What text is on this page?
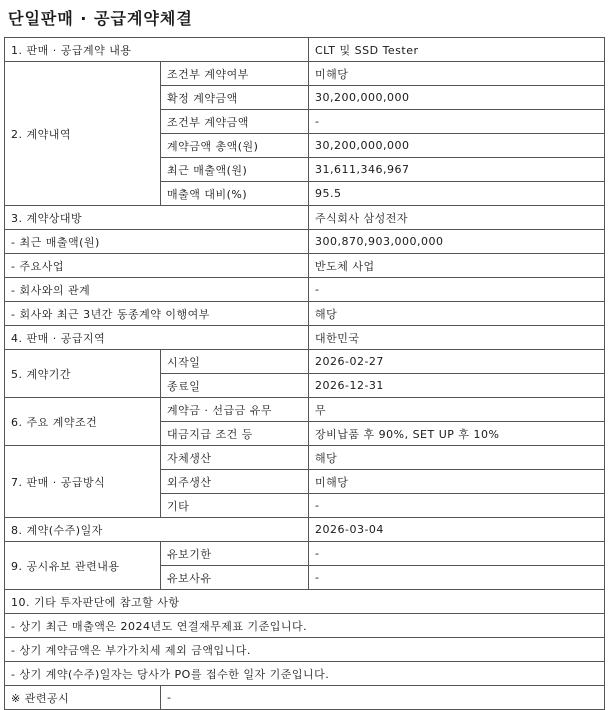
단일판매 · 공급계약체결
1. 판매 · 공급계약 내용		CLT 및 SSD Tester
2. 계약내역	조건부 계약여부	미해당
	확정 계약금액	30,200,000,000
	조건부 계약금액	-
	계약금액 총액(원)	30,200,000,000
	최근 매출액(원)	31,611,346,967
	매출액 대비(%)	95.5
3. 계약상대방		주식회사 삼성전자
- 최근 매출액(원)		300,870,903,000,000
- 주요사업		반도체 사업
- 회사와의 관계		-
- 회사와 최근 3년간 동종계약 이행여부		해당
4. 판매 · 공급지역		대한민국
5. 계약기간	시작일	2026-02-27
	종료일	2026-12-31
6. 주요 계약조건	계약금 · 선급금 유무	무
	대금지급 조건 등	장비납품 후 90%, SET UP 후 10%
7. 판매 · 공급방식	자체생산	해당
	외주생산	미해당
	기타	-
8. 계약(수주)일자		2026-03-04
9. 공시유보 관련내용	유보기한	-
	유보사유	-
10. 기타 투자판단에 참고할 사항		
- 상기 최근 매출액은 2024년도 연결재무제표 기준입니다.		
- 상기 계약금액은 부가가치세 제외 금액입니다.		
- 상기 계약(수주)일자는 당사가 PO를 접수한 일자 기준입니다.		
※ 관련공시	-	
